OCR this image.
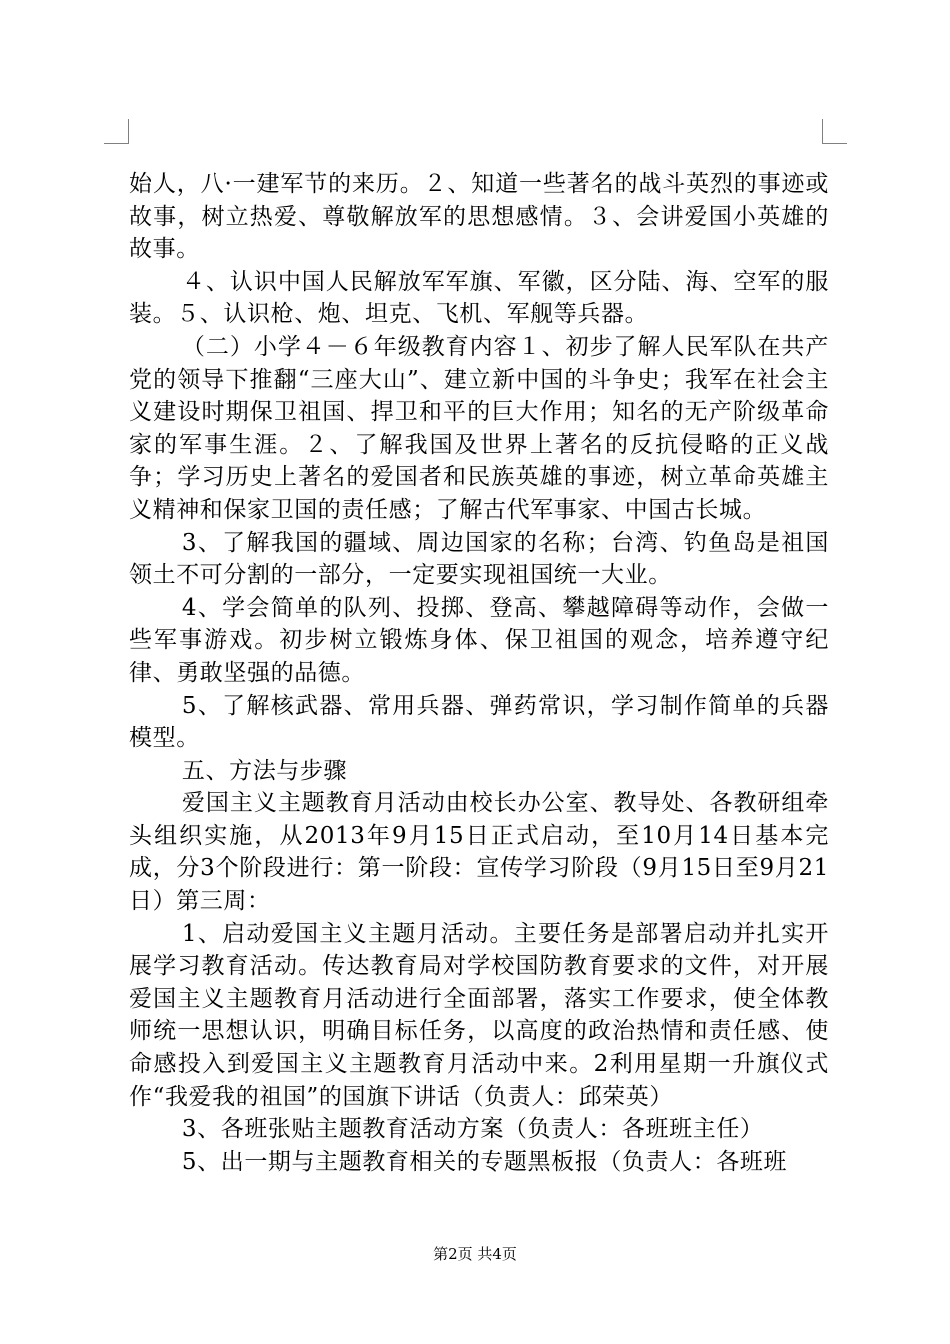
始人，八·一建军节的来历。２、知道一些著名的战斗英烈的事迹或故事，树立热爱、尊敬解放军的思想感情。３、会讲爱国小英雄的故事。

４、认识中国人民解放军军旗、军徽，区分陆、海、空军的服装。５、认识枪、炮、坦克、飞机、军舰等兵器。

（二）小学４－６年级教育内容１、初步了解人民军队在共产党的领导下推翻“三座大山”、建立新中国的斗争史；我军在社会主义建设时期保卫祖国、捍卫和平的巨大作用；知名的无产阶级革命家的军事生涯。２、了解我国及世界上著名的反抗侵略的正义战争；学习历史上著名的爱国者和民族英雄的事迹，树立革命英雄主义精神和保家卫国的责任感；了解古代军事家、中国古长城。

3、了解我国的疆域、周边国家的名称；台湾、钓鱼岛是祖国领土不可分割的一部分，一定要实现祖国统一大业。

4、学会简单的队列、投掷、登高、攀越障碍等动作，会做一些军事游戏。初步树立锻炼身体、保卫祖国的观念，培养遵守纪律、勇敢坚强的品德。

5、了解核武器、常用兵器、弹药常识，学习制作简单的兵器模型。

五、方法与步骤

爱国主义主题教育月活动由校长办公室、教导处、各教研组牵头组织实施，从2013年9月15日正式启动，至10月14日基本完成，分3个阶段进行：第一阶段：宣传学习阶段（9月15日至9月21日）第三周：

1、启动爱国主义主题月活动。主要任务是部署启动并扎实开展学习教育活动。传达教育局对学校国防教育要求的文件，对开展爱国主义主题教育月活动进行全面部署，落实工作要求，使全体教师统一思想认识，明确目标任务，以高度的政治热情和责任感、使命感投入到爱国主义主题教育月活动中来。2利用星期一升旗仪式作“我爱我的祖国”的国旗下讲话（负责人：邱荣英）

3、各班张贴主题教育活动方案（负责人：各班班主任）

5、出一期与主题教育相关的专题黑板报（负责人：各班班

第2页 共4页
